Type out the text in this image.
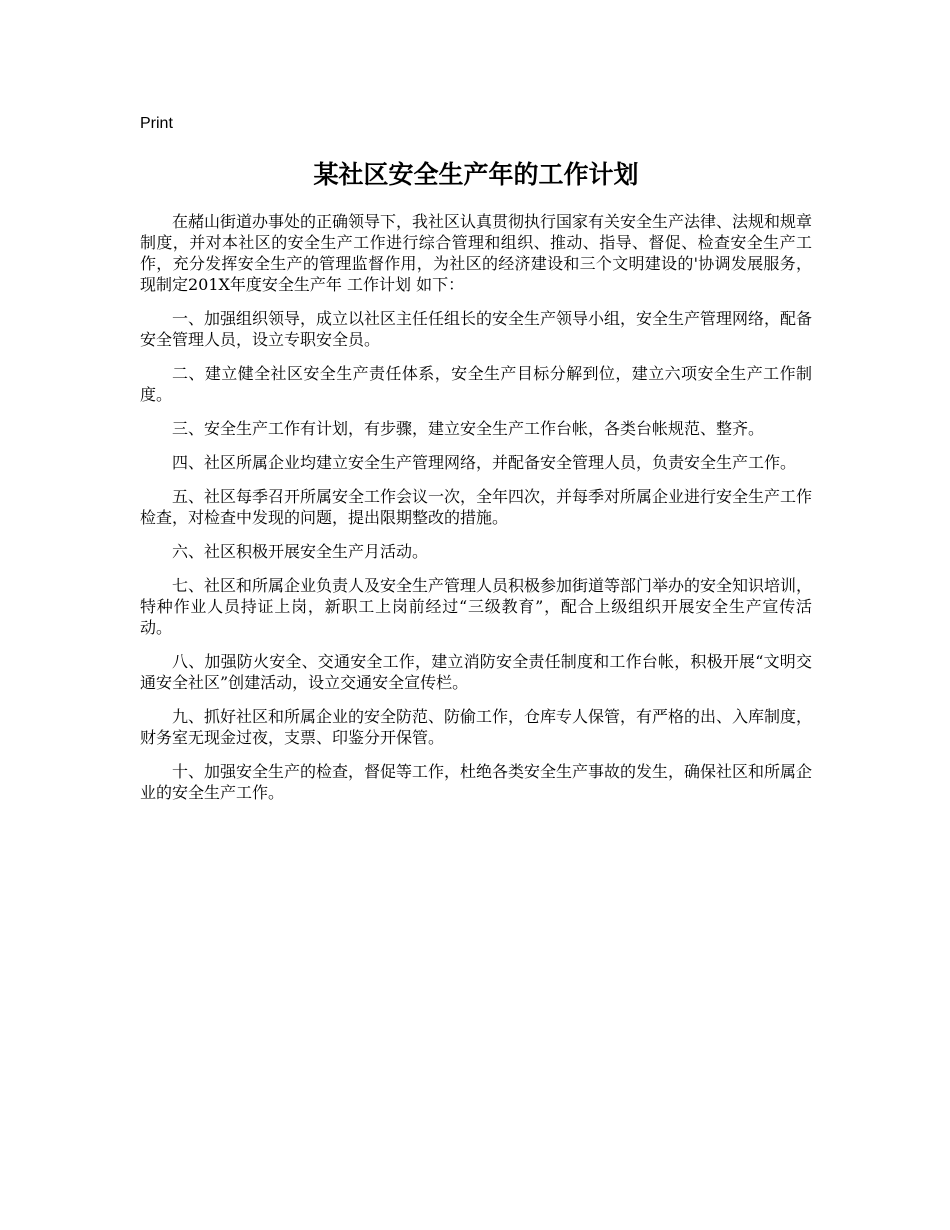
Print
某社区安全生产年的工作计划

在赭山街道办事处的正确领导下，我社区认真贯彻执行国家有关安全生产法律、法规和规章制度，并对本社区的安全生产工作进行综合管理和组织、推动、指导、督促、检查安全生产工作，充分发挥安全生产的管理监督作用，为社区的经济建设和三个文明建设的'协调发展服务，现制定201X年度安全生产年 工作计划 如下：

一、加强组织领导，成立以社区主任任组长的安全生产领导小组，安全生产管理网络，配备安全管理人员，设立专职安全员。

二、建立健全社区安全生产责任体系，安全生产目标分解到位，建立六项安全生产工作制度。

三、安全生产工作有计划，有步骤，建立安全生产工作台帐，各类台帐规范、整齐。

四、社区所属企业均建立安全生产管理网络，并配备安全管理人员，负责安全生产工作。

五、社区每季召开所属安全工作会议一次，全年四次，并每季对所属企业进行安全生产工作检查，对检查中发现的问题，提出限期整改的措施。

六、社区积极开展安全生产月活动。

七、社区和所属企业负责人及安全生产管理人员积极参加街道等部门举办的安全知识培训，特种作业人员持证上岗，新职工上岗前经过“三级教育”，配合上级组织开展安全生产宣传活动。

八、加强防火安全、交通安全工作，建立消防安全责任制度和工作台帐，积极开展“文明交通安全社区”创建活动，设立交通安全宣传栏。

九、抓好社区和所属企业的安全防范、防偷工作，仓库专人保管，有严格的出、入库制度，财务室无现金过夜，支票、印鉴分开保管。

十、加强安全生产的检查，督促等工作，杜绝各类安全生产事故的发生，确保社区和所属企业的安全生产工作。
